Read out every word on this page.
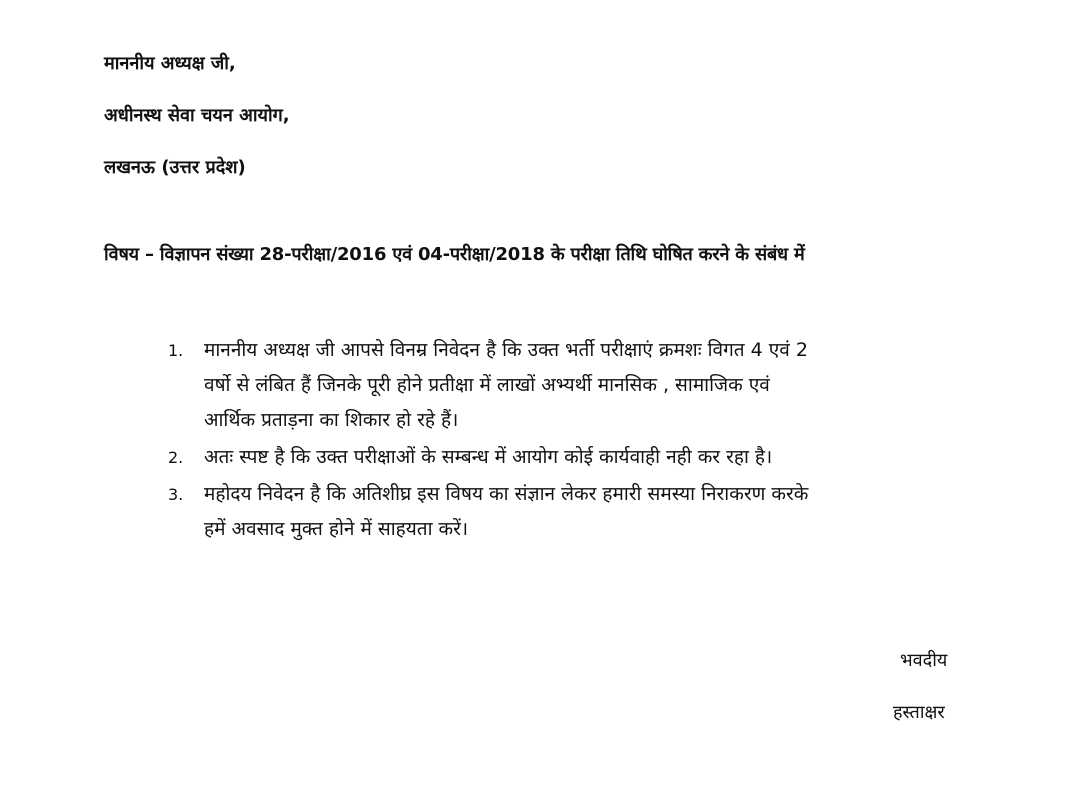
माननीय अध्यक्ष जी,
अधीनस्थ सेवा चयन आयोग,
लखनऊ (उत्तर प्रदेश)
विषय – विज्ञापन संख्या 28-परीक्षा/2016 एवं 04-परीक्षा/2018 के परीक्षा तिथि घोषित करने के संबंध में
1. माननीय अध्यक्ष जी आपसे विनम्र निवेदन है कि उक्त भर्ती परीक्षाएं क्रमशः विगत 4 एवं 2
वर्षो से लंबित हैं जिनके पूरी होने प्रतीक्षा में लाखों अभ्यर्थी मानसिक , सामाजिक एवं
आर्थिक प्रताड़ना का शिकार हो रहे हैं।
2. अतः स्पष्ट है कि उक्त परीक्षाओं के सम्बन्ध में आयोग कोई कार्यवाही नही कर रहा है।
3. महोदय निवेदन है कि अतिशीघ्र इस विषय का संज्ञान लेकर हमारी समस्या निराकरण करके
हमें अवसाद मुक्त होने में साहयता करें।
भवदीय
हस्ताक्षर
